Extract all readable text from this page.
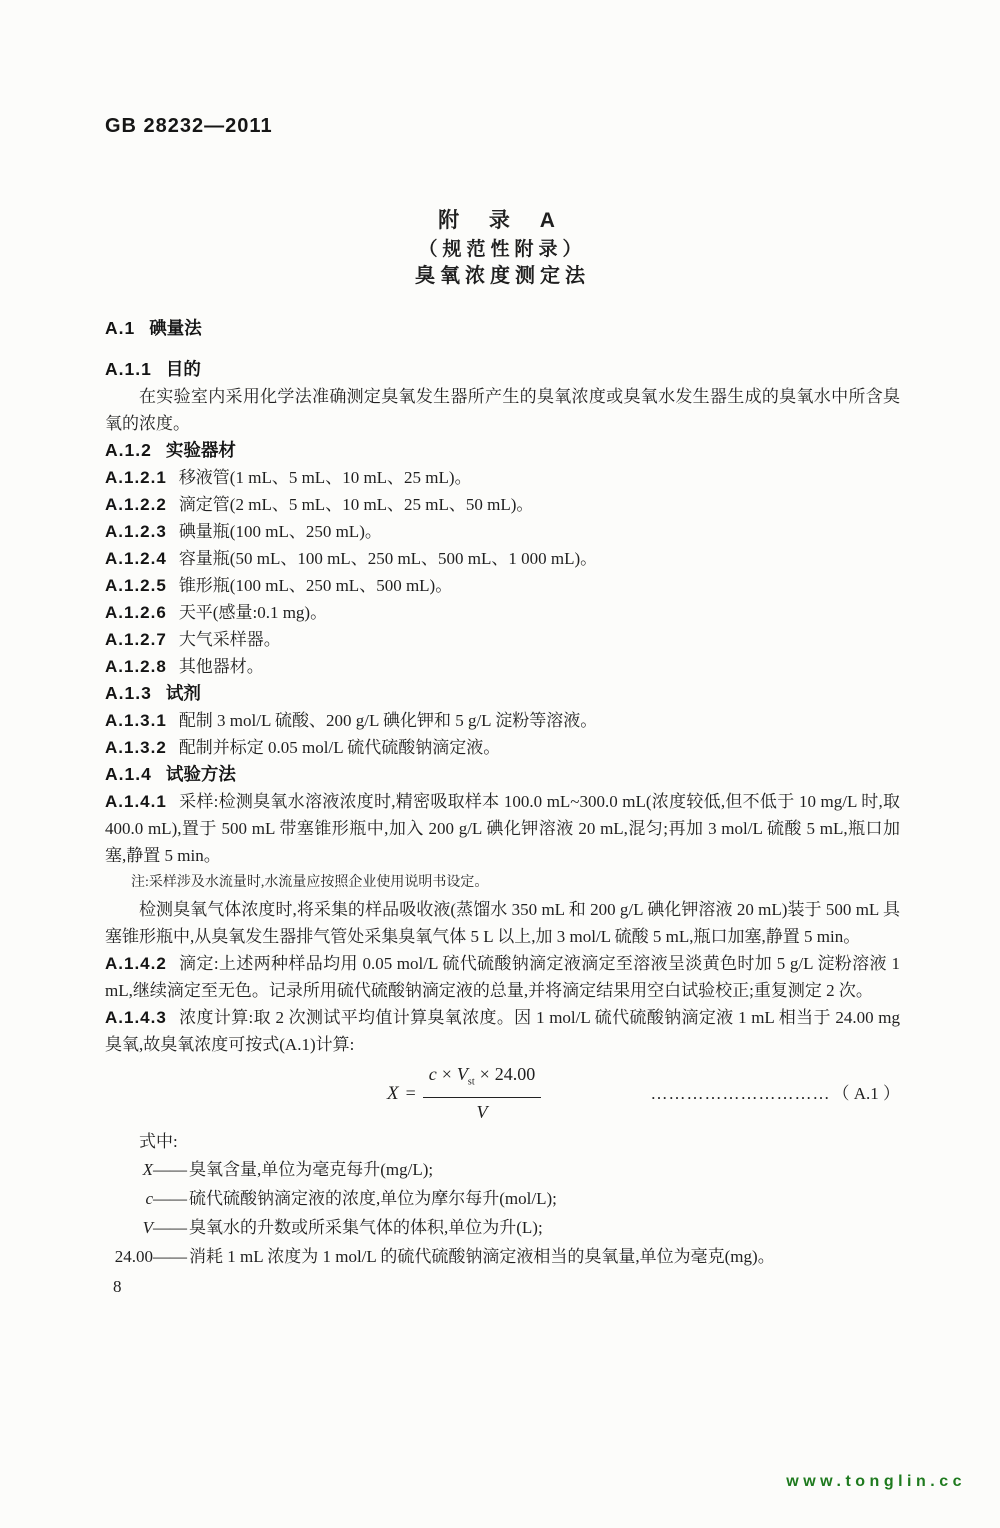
GB 28232—2011
附 录 A
（规范性附录）
臭氧浓度测定法
A.1 碘量法
A.1.1 目的

在实验室内采用化学法准确测定臭氧发生器所产生的臭氧浓度或臭氧水发生器生成的臭氧水中所含臭氧的浓度。

A.1.2 实验器材
A.1.2.1 移液管(1 mL、5 mL、10 mL、25 mL)。
A.1.2.2 滴定管(2 mL、5 mL、10 mL、25 mL、50 mL)。
A.1.2.3 碘量瓶(100 mL、250 mL)。
A.1.2.4 容量瓶(50 mL、100 mL、250 mL、500 mL、1 000 mL)。
A.1.2.5 锥形瓶(100 mL、250 mL、500 mL)。
A.1.2.6 天平(感量:0.1 mg)。
A.1.2.7 大气采样器。
A.1.2.8 其他器材。
A.1.3 试剂
A.1.3.1 配制 3 mol/L 硫酸、200 g/L 碘化钾和 5 g/L 淀粉等溶液。
A.1.3.2 配制并标定 0.05 mol/L 硫代硫酸钠滴定液。
A.1.4 试验方法

A.1.4.1 采样:检测臭氧水溶液浓度时,精密吸取样本 100.0 mL~300.0 mL(浓度较低,但不低于 10 mg/L 时,取 400.0 mL),置于 500 mL 带塞锥形瓶中,加入 200 g/L 碘化钾溶液 20 mL,混匀;再加 3 mol/L 硫酸 5 mL,瓶口加塞,静置 5 min。

注:采样涉及水流量时,水流量应按照企业使用说明书设定。

检测臭氧气体浓度时,将采集的样品吸收液(蒸馏水 350 mL 和 200 g/L 碘化钾溶液 20 mL)装于 500 mL 具塞锥形瓶中,从臭氧发生器排气管处采集臭氧气体 5 L 以上,加 3 mol/L 硫酸 5 mL,瓶口加塞,静置 5 min。

A.1.4.2 滴定:上述两种样品均用 0.05 mol/L 硫代硫酸钠滴定液滴定至溶液呈淡黄色时加 5 g/L 淀粉溶液 1 mL,继续滴定至无色。记录所用硫代硫酸钠滴定液的总量,并将滴定结果用空白试验校正;重复测定 2 次。

A.1.4.3 浓度计算:取 2 次测试平均值计算臭氧浓度。因 1 mol/L 硫代硫酸钠滴定液 1 mL 相当于 24.00 mg 臭氧,故臭氧浓度可按式(A.1)计算:

$X = \frac{c \times V_{st} \times 24.00}{V}$	………………………… （ A.1 ）
式中:
X —— 臭氧含量,单位为毫克每升(mg/L);
c —— 硫代硫酸钠滴定液的浓度,单位为摩尔每升(mol/L);
V —— 臭氧水的升数或所采集气体的体积,单位为升(L);
24.00 —— 消耗 1 mL 浓度为 1 mol/L 的硫代硫酸钠滴定液相当的臭氧量,单位为毫克(mg)。
8
www.tonglin.cc
